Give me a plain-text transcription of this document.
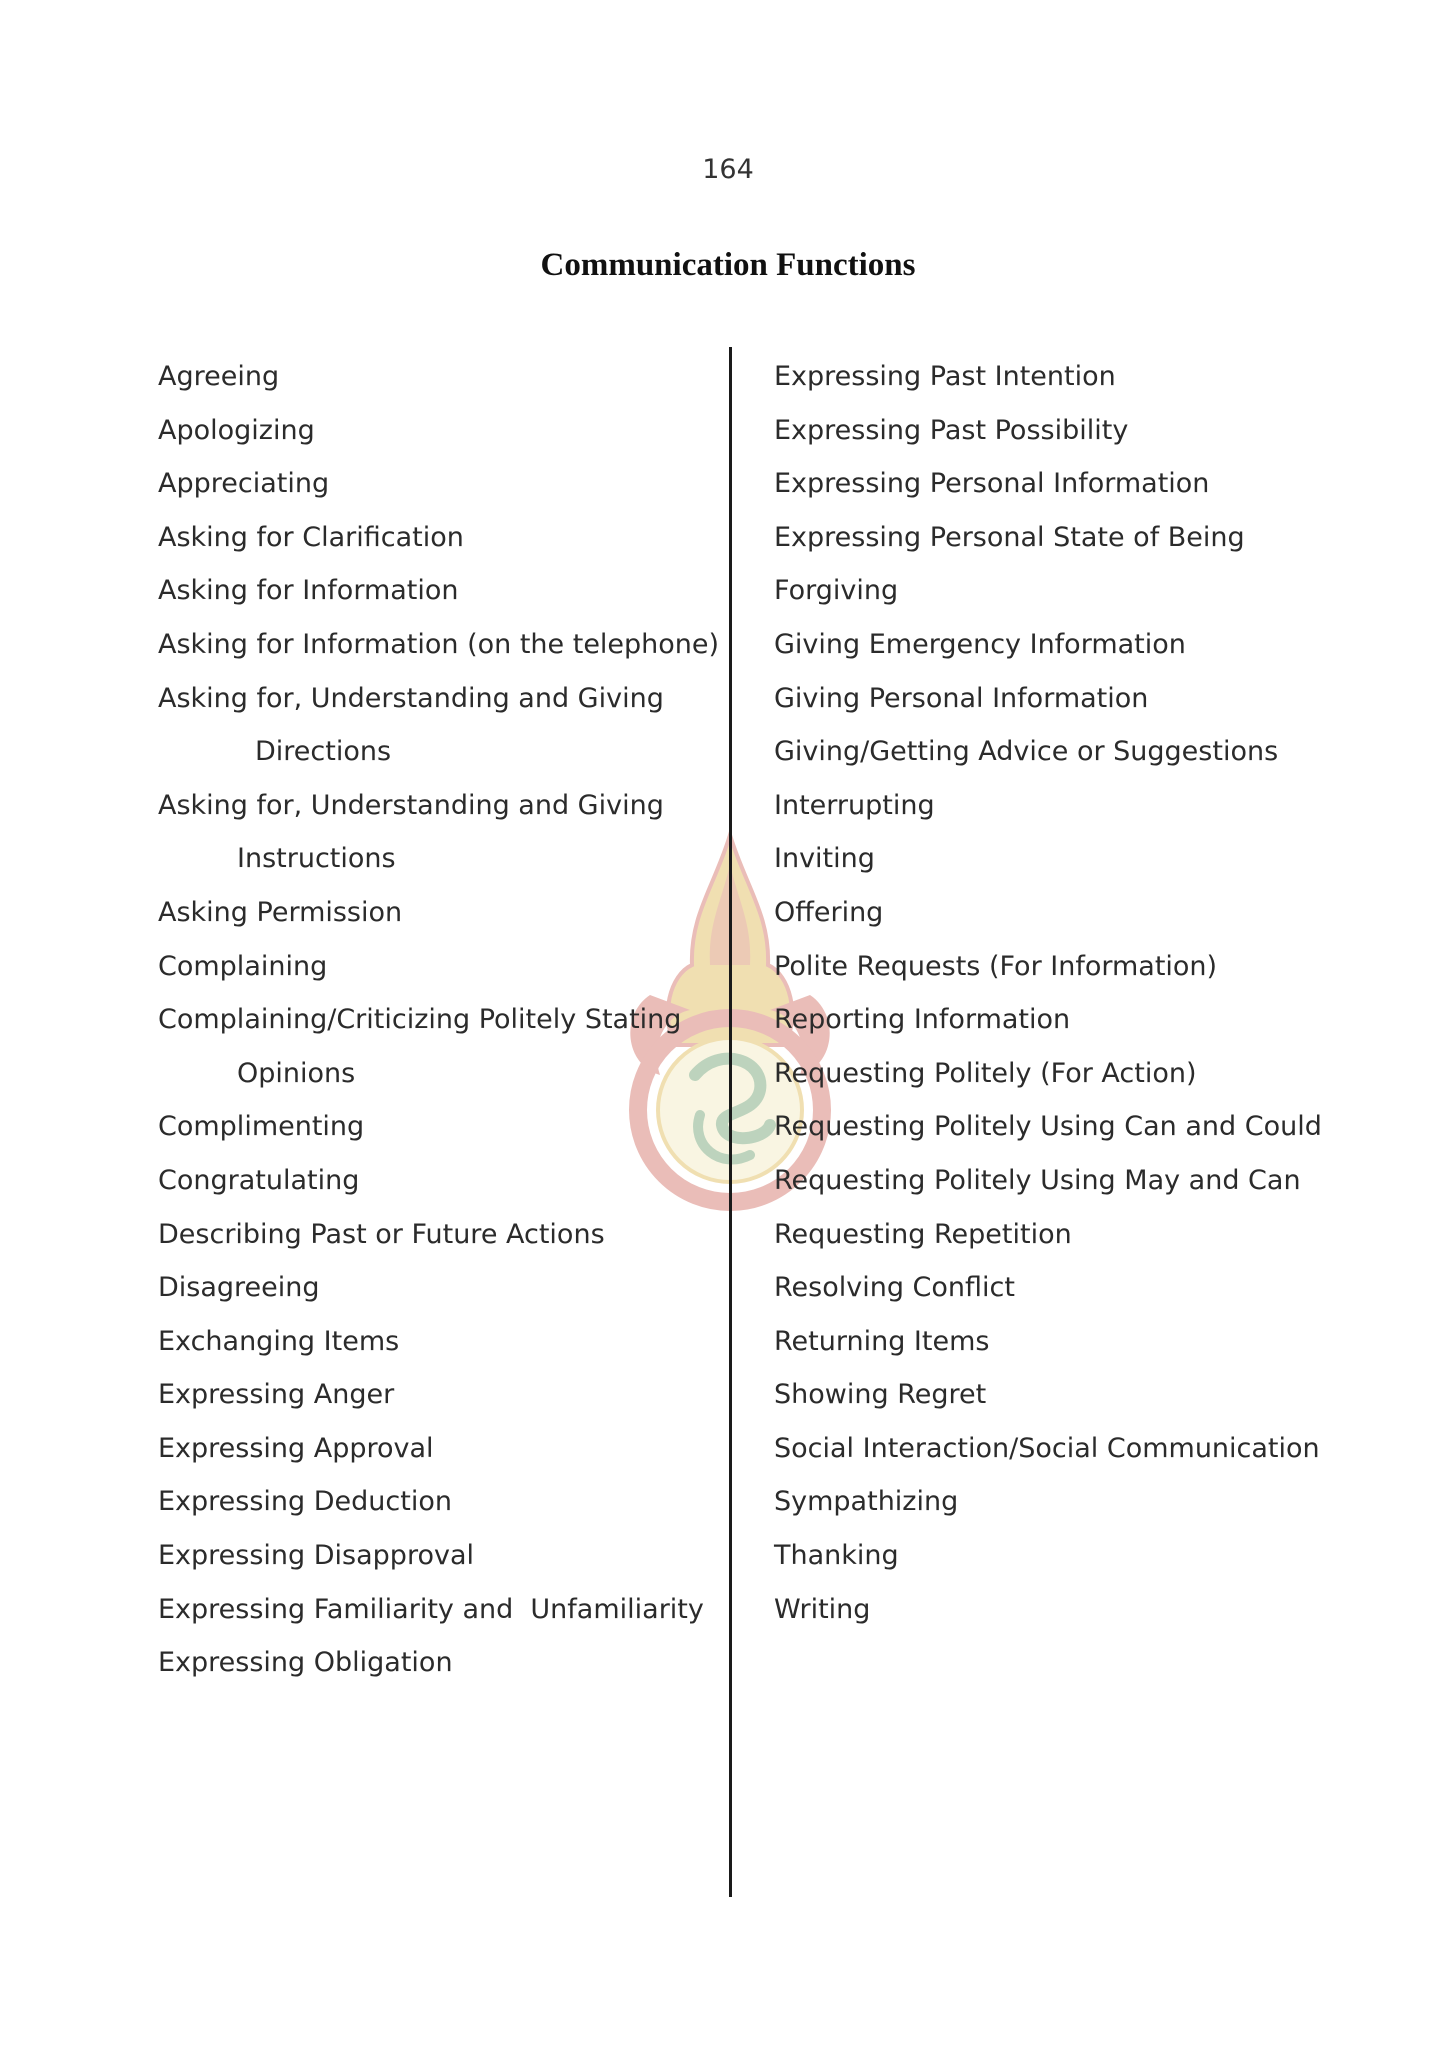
164
Communication Functions
Agreeing
Apologizing
Appreciating
Asking for Clarification
Asking for Information
Asking for Information (on the telephone)
Asking for, Understanding and Giving
Directions
Asking for, Understanding and Giving
Instructions
Asking Permission
Complaining
Complaining/Criticizing Politely Stating
Opinions
Complimenting
Congratulating
Describing Past or Future Actions
Disagreeing
Exchanging Items
Expressing Anger
Expressing Approval
Expressing Deduction
Expressing Disapproval
Expressing Familiarity and  Unfamiliarity
Expressing Obligation
Expressing Past Intention
Expressing Past Possibility
Expressing Personal Information
Expressing Personal State of Being
Forgiving
Giving Emergency Information
Giving Personal Information
Giving/Getting Advice or Suggestions
Interrupting
Inviting
Offering
Polite Requests (For Information)
Reporting Information
Requesting Politely (For Action)
Requesting Politely Using Can and Could
Requesting Politely Using May and Can
Requesting Repetition
Resolving Conflict
Returning Items
Showing Regret
Social Interaction/Social Communication
Sympathizing
Thanking
Writing
